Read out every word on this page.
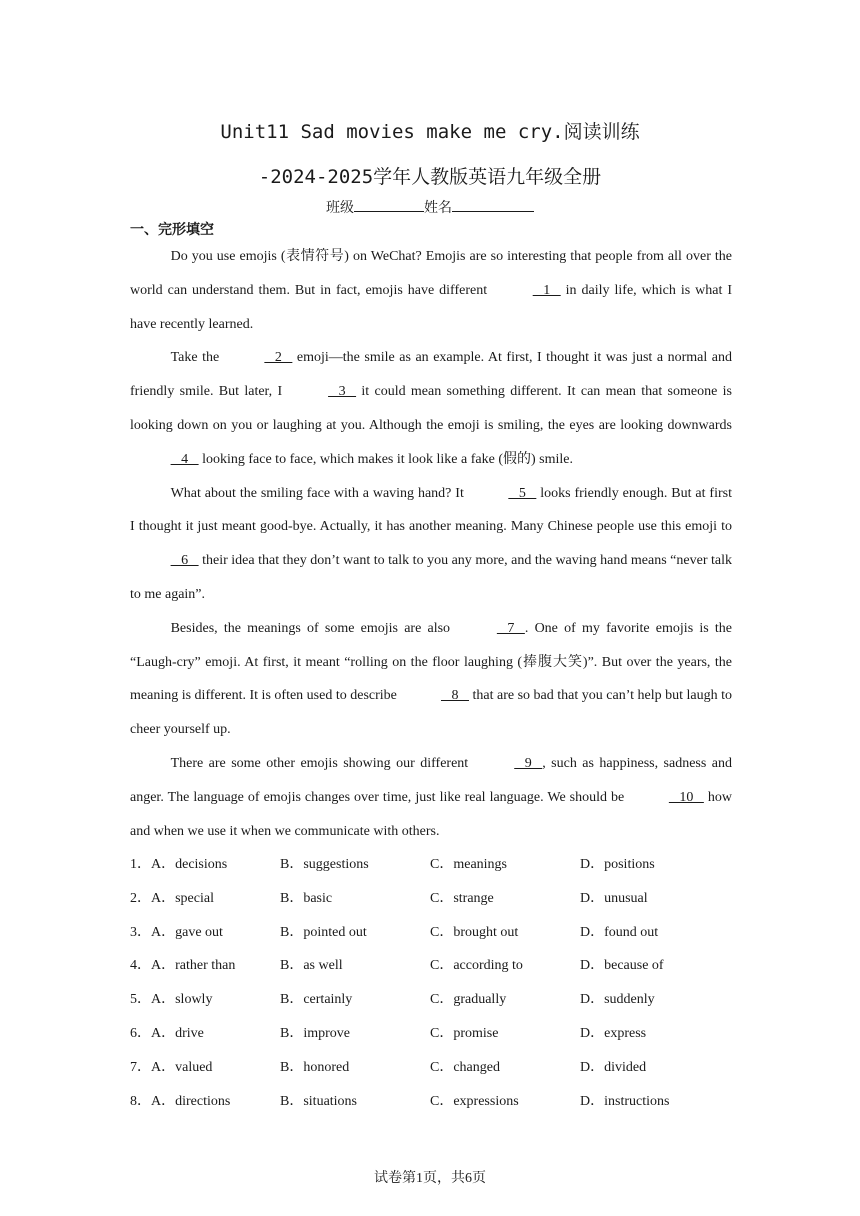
Unit11 Sad movies make me cry.阅读训练
-2024-2025学年人教版英语九年级全册
班级	姓名
一、完形填空

Do you use emojis (表情符号) on WeChat? Emojis are so interesting that people from all over the world can understand them. But in fact, emojis have different	1    in daily life, which is what I have recently learned.

Take the	2    emoji—the smile as an example. At first, I thought it was just a normal and friendly smile. But later, I	3    it could mean something different. It can mean that someone is looking down on you or laughing at you. Although the emoji is smiling, the eyes are looking downwards    4    looking face to face, which makes it look like a fake (假的) smile.

What about the smiling face with a waving hand? It	5    looks friendly enough. But at first I thought it just meant good-bye. Actually, it has another meaning. Many Chinese people use this emoji to    6    their idea that they don’t want to talk to you any more, and the waving hand means “never talk to me again”.

Besides, the meanings of some emojis are also	7   . One of my favorite emojis is the “Laugh-cry” emoji. At first, it meant “rolling on the floor laughing (捧腹大笑)”. But over the years, the meaning is different. It is often used to describe	8    that are so bad that you can’t help but laugh to cheer yourself up.

There are some other emojis showing our different	9   , such as happiness, sadness and anger. The language of emojis changes over time, just like real language. We should be	10    how and when we use it when we communicate with others.

1．A．decisions	B．suggestions	C．meanings	D．positions
2．A．special	B．basic	C．strange	D．unusual
3．A．gave out	B．pointed out	C．brought out	D．found out
4．A．rather than	B．as well	C．according to	D．because of
5．A．slowly	B．certainly	C．gradually	D．suddenly
6．A．drive	B．improve	C．promise	D．express
7．A．valued	B．honored	C．changed	D．divided
8．A．directions	B．situations	C．expressions	D．instructions
试卷第1页，共6页
